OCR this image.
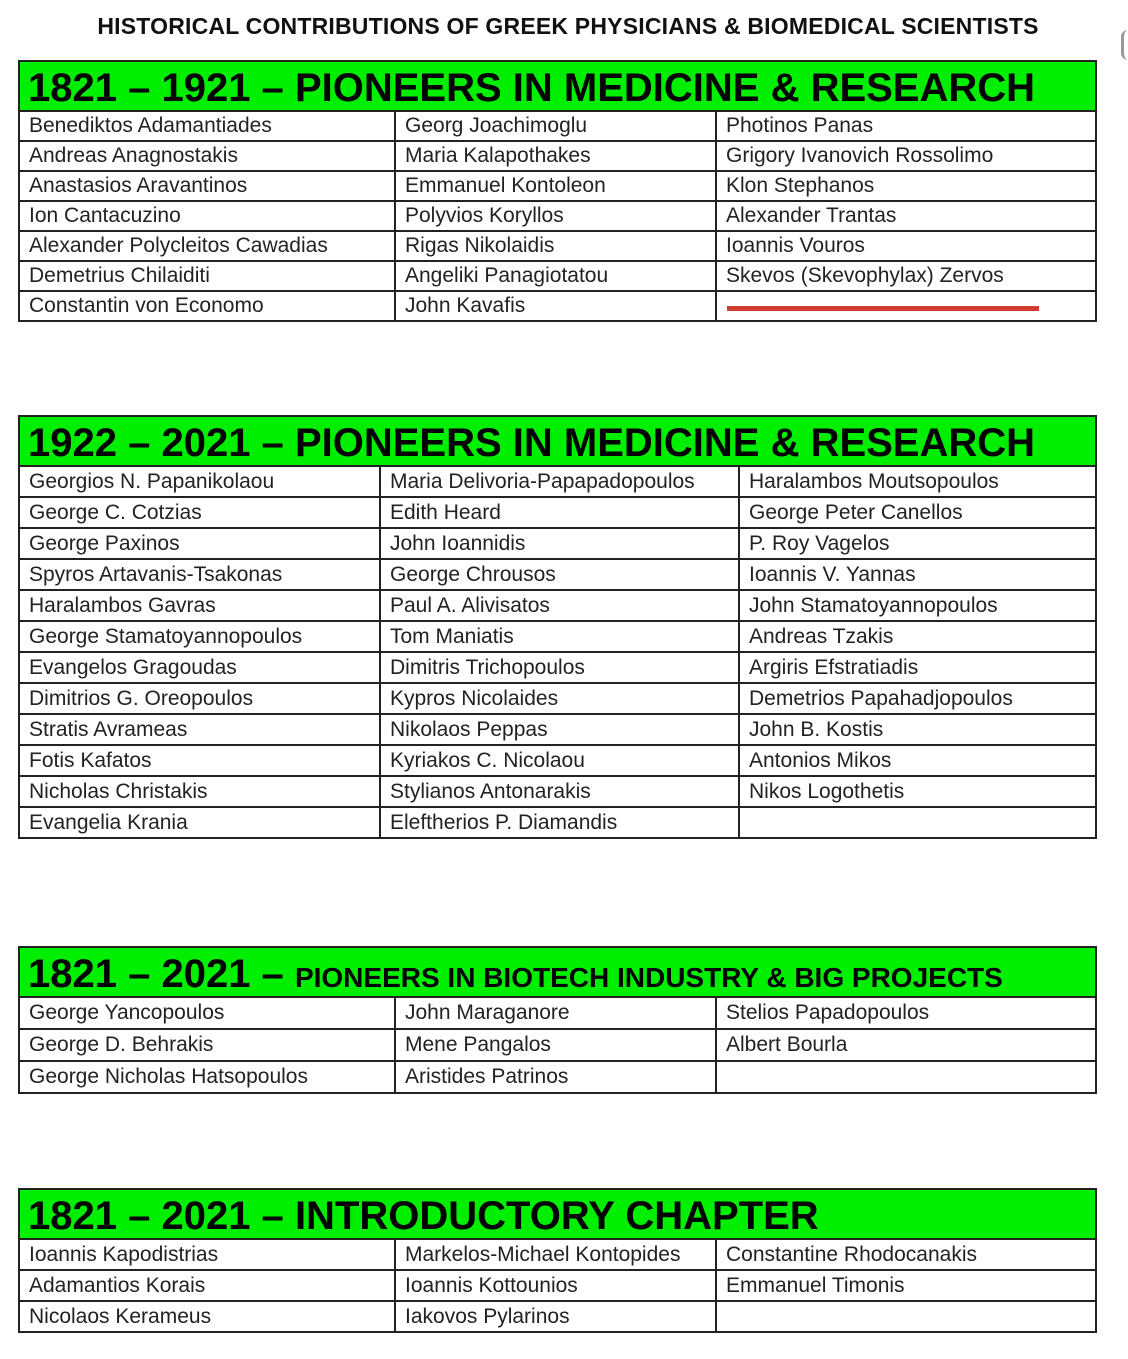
HISTORICAL CONTRIBUTIONS OF GREEK PHYSICIANS & BIOMEDICAL SCIENTISTS
1821 – 1921 – PIONEERS IN MEDICINE & RESEARCH
Benediktos Adamantiades	Georg Joachimoglu	Photinos Panas
Andreas Anagnostakis	Maria Kalapothakes	Grigory Ivanovich Rossolimo
Anastasios Aravantinos	Emmanuel Kontoleon	Klon Stephanos
Ion Cantacuzino	Polyvios Koryllos	Alexander Trantas
Alexander Polycleitos Cawadias	Rigas Nikolaidis	Ioannis Vouros
Demetrius Chilaiditi	Angeliki Panagiotatou	Skevos (Skevophylax) Zervos
Constantin von Economo	John Kavafis	
1922 – 2021 – PIONEERS IN MEDICINE & RESEARCH
Georgios N. Papanikolaou	Maria Delivoria-Papapadopoulos	Haralambos Moutsopoulos
George C. Cotzias	Edith Heard	George Peter Canellos
George Paxinos	John Ioannidis	P. Roy Vagelos
Spyros Artavanis-Tsakonas	George Chrousos	Ioannis V. Yannas
Haralambos Gavras	Paul A. Alivisatos	John Stamatoyannopoulos
George Stamatoyannopoulos	Tom Maniatis	Andreas Tzakis
Evangelos Gragoudas	Dimitris Trichopoulos	Argiris Efstratiadis
Dimitrios G. Oreopoulos	Kypros Nicolaides	Demetrios Papahadjopoulos
Stratis Avrameas	Nikolaos Peppas	John B. Kostis
Fotis Kafatos	Kyriakos C. Nicolaou	Antonios Mikos
Nicholas Christakis	Stylianos Antonarakis	Nikos Logothetis
Evangelia Krania	Eleftherios P. Diamandis	
1821 – 2021 – PIONEERS IN BIOTECH INDUSTRY & BIG PROJECTS
George Yancopoulos	John Maraganore	Stelios Papadopoulos
George D. Behrakis	Mene Pangalos	Albert Bourla
George Nicholas Hatsopoulos	Aristides Patrinos	
1821 – 2021 – INTRODUCTORY CHAPTER
Ioannis Kapodistrias	Markelos-Michael Kontopides	Constantine Rhodocanakis
Adamantios Korais	Ioannis Kottounios	Emmanuel Timonis
Nicolaos Kerameus	Iakovos Pylarinos	
